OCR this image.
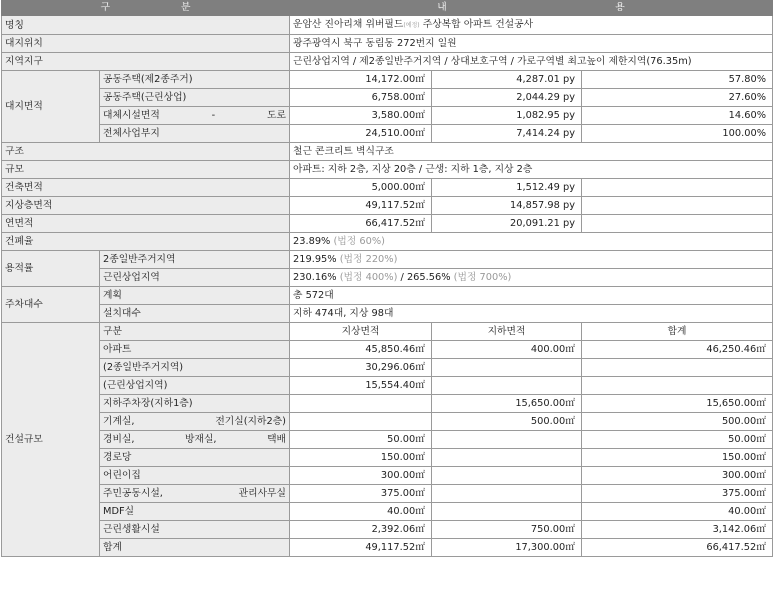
구 분		내 용		

명칭		운암산 진아리채 위버필드(예정) 주상복합 아파트 건설공사		
대지위치		광주광역시 북구 동림동 272번지 일원		
지역지구		근린상업지역 / 제2종일반주거지역 / 상대보호구역 / 가로구역별 최고높이 제한지역(76.35m)		
대지면적	공동주택(제2종주거)	14,172.00㎡	4,287.01 py	57.80%
	공동주택(근린상업)	6,758.00㎡	2,044.29 py	27.60%
	대체시설면적 - 도로	3,580.00㎡	1,082.95 py	14.60%
	전체사업부지	24,510.00㎡	7,414.24 py	100.00%
구조		철근 콘크리트 벽식구조		
규모		아파트: 지하 2층, 지상 20층 / 근생: 지하 1층, 지상 2층		
건축면적		5,000.00㎡	1,512.49 py	
지상층면적		49,117.52㎡	14,857.98 py	
연면적		66,417.52㎡	20,091.21 py	
건폐율		23.89% (법정 60%)		
용적률	2종일반주거지역	219.95% (법정 220%)		
	근린상업지역	230.16% (법정 400%) / 265.56% (법정 700%)		
주차대수	계획	총 572대		
	설치대수	지하 474대, 지상 98대		
건설규모	구분	지상면적	지하면적	합계
	아파트	45,850.46㎡	400.00㎡	46,250.46㎡
	(2종일반주거지역)	30,296.06㎡		
	(근린상업지역)	15,554.40㎡		
	지하주차장(지하1층)		15,650.00㎡	15,650.00㎡
	기계실, 전기실(지하2층)		500.00㎡	500.00㎡
	경비실, 방재실, 택배	50.00㎡		50.00㎡
	경로당	150.00㎡		150.00㎡
	어린이집	300.00㎡		300.00㎡
	주민공동시설, 관리사무실	375.00㎡		375.00㎡
	MDF실	40.00㎡		40.00㎡
	근린생활시설	2,392.06㎡	750.00㎡	3,142.06㎡
	합계	49,117.52㎡	17,300.00㎡	66,417.52㎡
